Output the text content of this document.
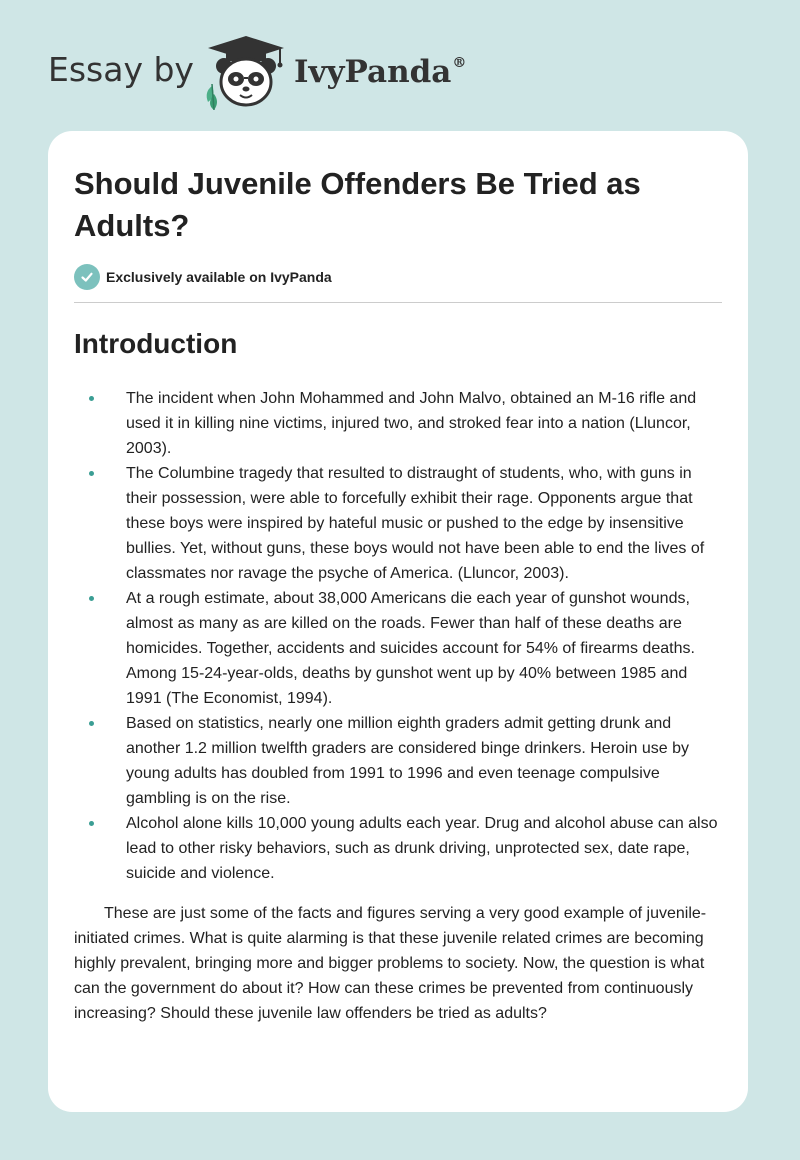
Essay by	IvyPanda®
Should Juvenile Offenders Be Tried as Adults?
Exclusively available on IvyPanda
Introduction
The incident when John Mohammed and John Malvo, obtained an M-16 rifle and used it in killing nine victims, injured two, and stroked fear into a nation (Lluncor, 2003).
The Columbine tragedy that resulted to distraught of students, who, with guns in their possession, were able to forcefully exhibit their rage. Opponents argue that these boys were inspired by hateful music or pushed to the edge by insensitive bullies. Yet, without guns, these boys would not have been able to end the lives of classmates nor ravage the psyche of America. (Lluncor, 2003).
At a rough estimate, about 38,000 Americans die each year of gunshot wounds, almost as many as are killed on the roads. Fewer than half of these deaths are homicides. Together, accidents and suicides account for 54% of firearms deaths. Among 15-24-year-olds, deaths by gunshot went up by 40% between 1985 and 1991 (The Economist, 1994).
Based on statistics, nearly one million eighth graders admit getting drunk and another 1.2 million twelfth graders are considered binge drinkers. Heroin use by young adults has doubled from 1991 to 1996 and even teenage compulsive gambling is on the rise.
Alcohol alone kills 10,000 young adults each year. Drug and alcohol abuse can also lead to other risky behaviors, such as drunk driving, unprotected sex, date rape, suicide and violence.

These are just some of the facts and figures serving a very good example of juvenile-initiated crimes. What is quite alarming is that these juvenile related crimes are becoming highly prevalent, bringing more and bigger problems to society. Now, the question is what can the government do about it? How can these crimes be prevented from continuously increasing? Should these juvenile law offenders be tried as adults?
